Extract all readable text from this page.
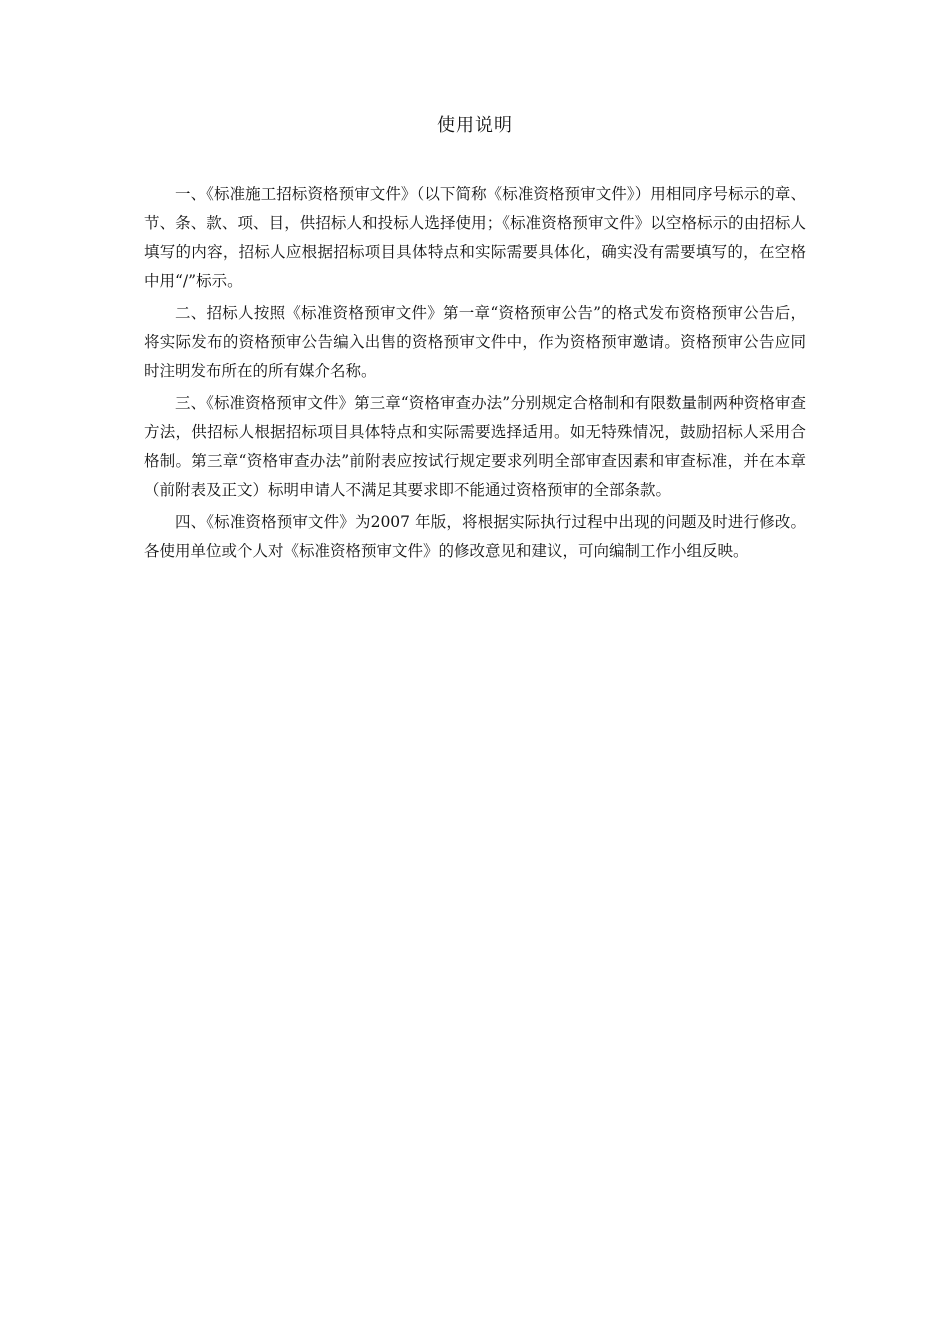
使用说明

一、《标准施工招标资格预审文件》（以下简称《标准资格预审文件》）用相同序号标示的章、节、条、款、项、目，供招标人和投标人选择使用；《标准资格预审文件》以空格标示的由招标人填写的内容，招标人应根据招标项目具体特点和实际需要具体化，确实没有需要填写的，在空格中用“/”标示。

二、招标人按照《标准资格预审文件》第一章“资格预审公告”的格式发布资格预审公告后，将实际发布的资格预审公告编入出售的资格预审文件中，作为资格预审邀请。资格预审公告应同时注明发布所在的所有媒介名称。

三、《标准资格预审文件》第三章“资格审查办法”分别规定合格制和有限数量制两种资格审查方法，供招标人根据招标项目具体特点和实际需要选择适用。如无特殊情况，鼓励招标人采用合格制。第三章“资格审查办法”前附表应按试行规定要求列明全部审查因素和审查标准，并在本章（前附表及正文）标明申请人不满足其要求即不能通过资格预审的全部条款。

四、《标准资格预审文件》为2007 年版，将根据实际执行过程中出现的问题及时进行修改。各使用单位或个人对《标准资格预审文件》的修改意见和建议，可向编制工作小组反映。
